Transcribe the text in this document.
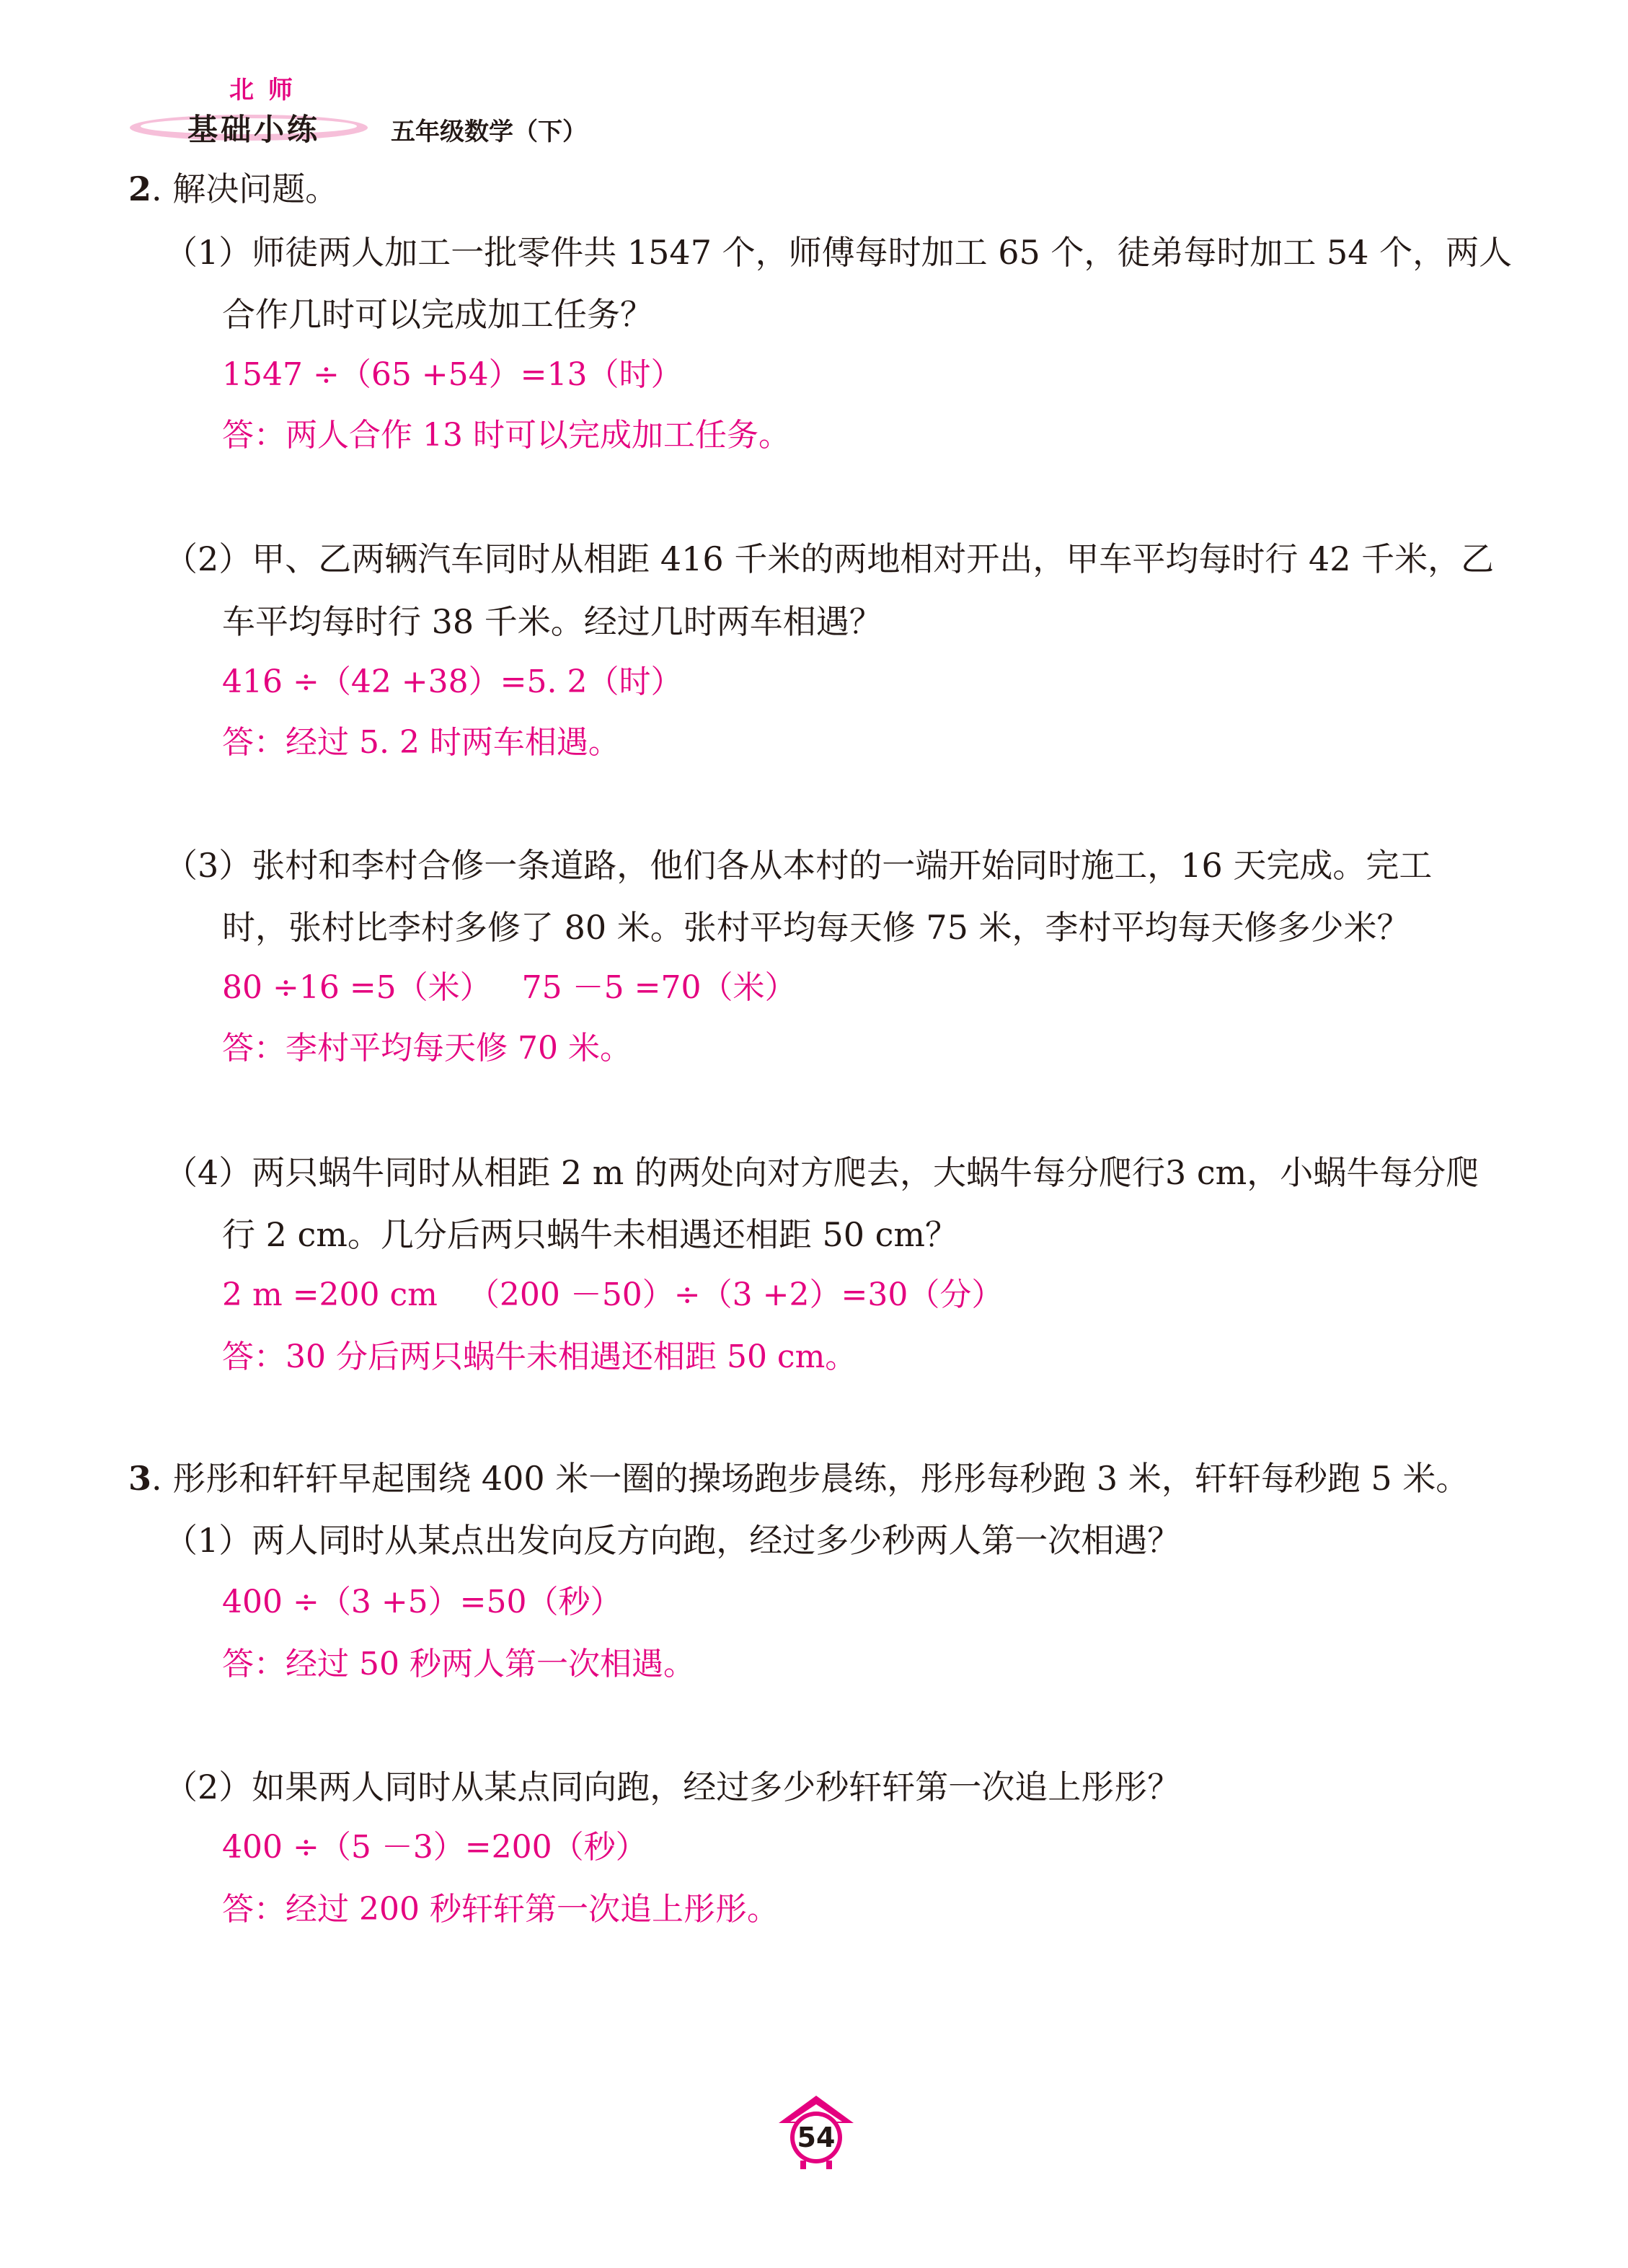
北 师
基础小练	五年级数学（下）
2. 解决问题。
（1）师徒两人加工一批零件共 1547 个，师傅每时加工 65 个，徒弟每时加工 54 个，两人
合作几时可以完成加工任务？
1547 ÷（65 +54）=13（时）
答：两人合作 13 时可以完成加工任务。
（2）甲、乙两辆汽车同时从相距 416 千米的两地相对开出，甲车平均每时行 42 千米，乙
车平均每时行 38 千米。经过几时两车相遇？
416 ÷（42 +38）=5. 2（时）
答：经过 5. 2 时两车相遇。
（3）张村和李村合修一条道路，他们各从本村的一端开始同时施工，16 天完成。完工
时，张村比李村多修了 80 米。张村平均每天修 75 米，李村平均每天修多少米？
80 ÷16 =5（米）   75 －5 =70（米）
答：李村平均每天修 70 米。
（4）两只蜗牛同时从相距 2 m 的两处向对方爬去，大蜗牛每分爬行3 cm，小蜗牛每分爬
行 2 cm。几分后两只蜗牛未相遇还相距 50 cm？
2 m =200 cm   （200 －50）÷（3 +2）=30（分）
答：30 分后两只蜗牛未相遇还相距 50 cm。
3. 彤彤和轩轩早起围绕 400 米一圈的操场跑步晨练，彤彤每秒跑 3 米，轩轩每秒跑 5 米。
（1）两人同时从某点出发向反方向跑，经过多少秒两人第一次相遇？
400 ÷（3 +5）=50（秒）
答：经过 50 秒两人第一次相遇。
（2）如果两人同时从某点同向跑，经过多少秒轩轩第一次追上彤彤？
400 ÷（5 －3）=200（秒）
答：经过 200 秒轩轩第一次追上彤彤。
54
